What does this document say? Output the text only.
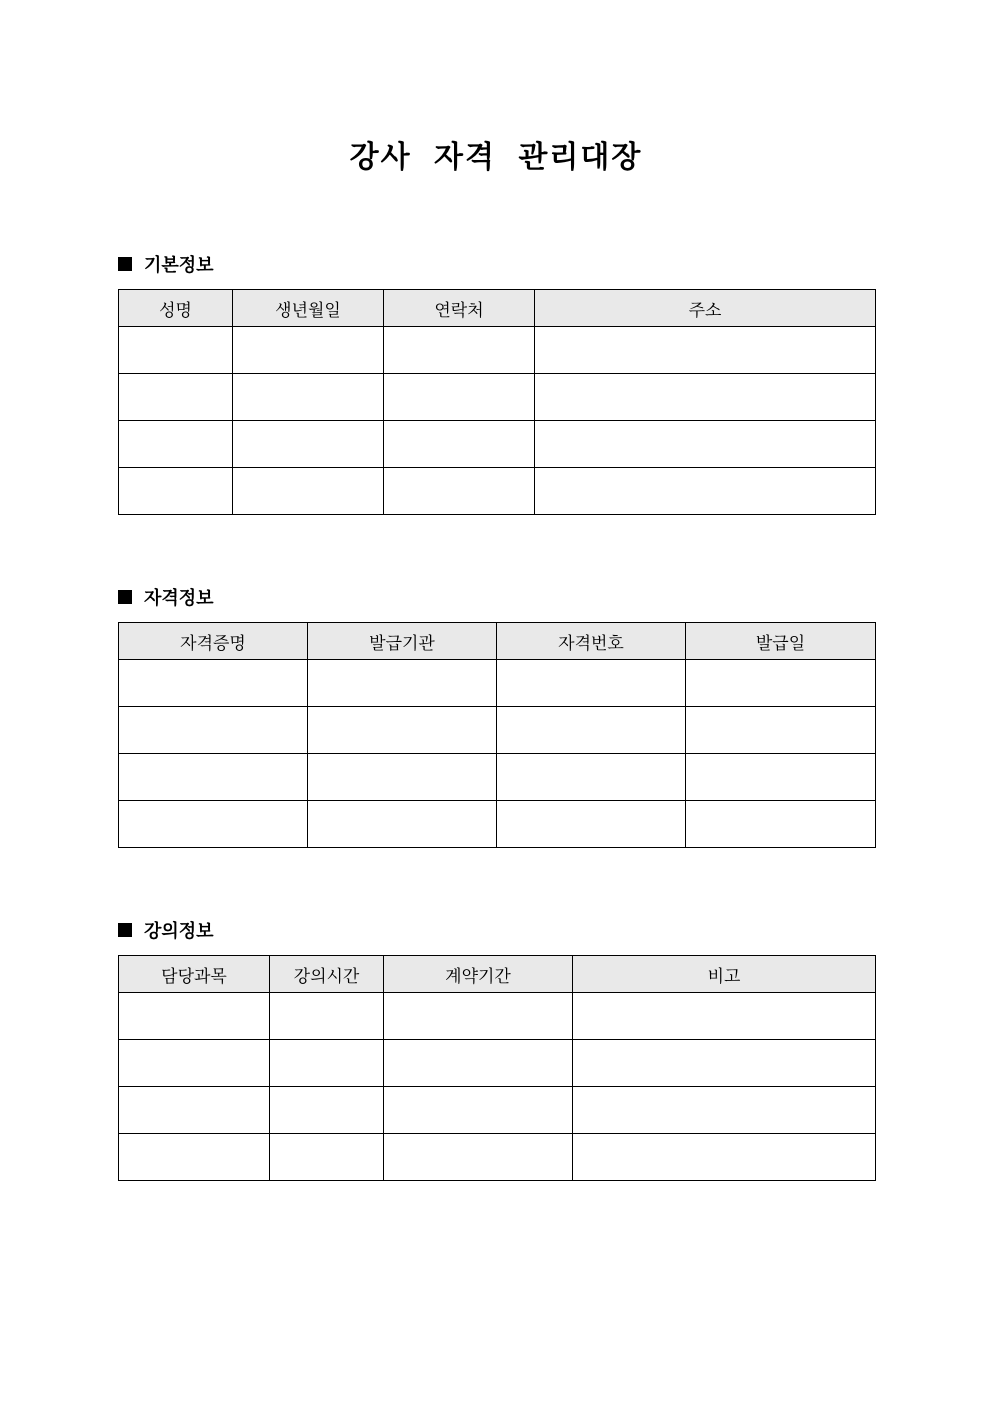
강사 자격 관리대장
기본정보
성명	생년월일	연락처	주소

자격정보
자격증명	발급기관	자격번호	발급일

강의정보
담당과목	강의시간	계약기간	비고
